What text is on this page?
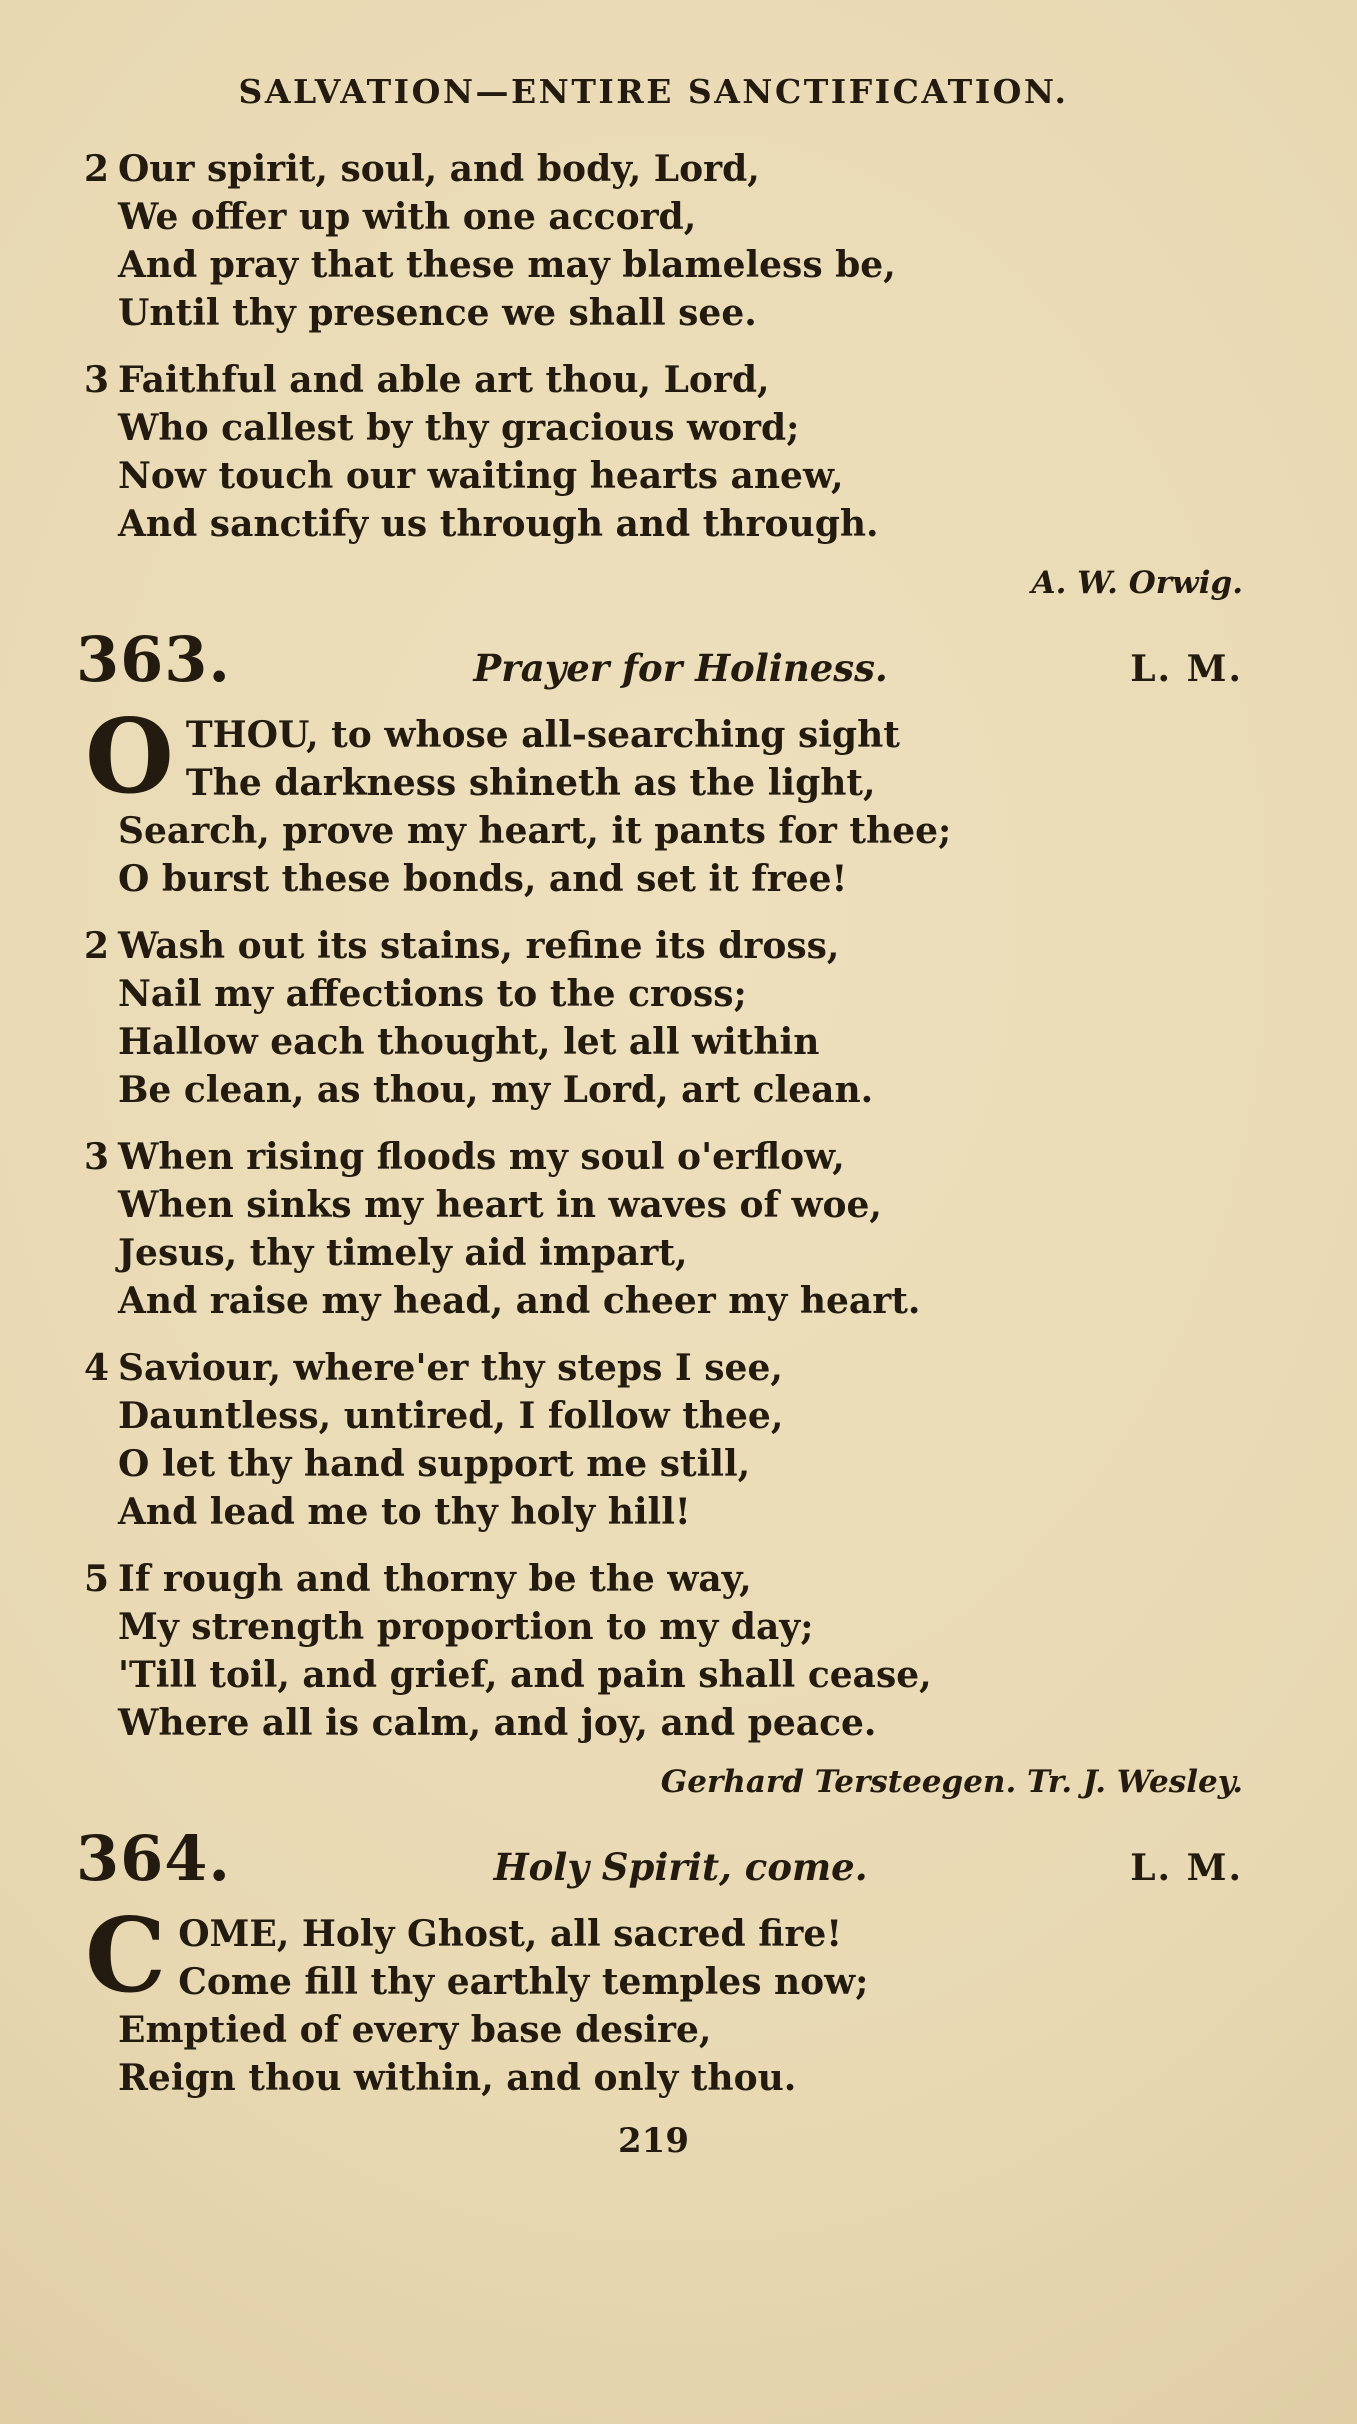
SALVATION—ENTIRE SANCTIFICATION.
2 Our spirit, soul, and body, Lord,
We offer up with one accord,
And pray that these may blameless be,
Until thy presence we shall see.
3 Faithful and able art thou, Lord,
Who callest by thy gracious word;
Now touch our waiting hearts anew,
And sanctify us through and through.
A. W. Orwig.
363.	Prayer for Holiness.	L. M.
O THOU, to whose all-searching sight
The darkness shineth as the light,
Search, prove my heart, it pants for thee;
O burst these bonds, and set it free!
2 Wash out its stains, refine its dross,
Nail my affections to the cross;
Hallow each thought, let all within
Be clean, as thou, my Lord, art clean.
3 When rising floods my soul o'erflow,
When sinks my heart in waves of woe,
Jesus, thy timely aid impart,
And raise my head, and cheer my heart.
4 Saviour, where'er thy steps I see,
Dauntless, untired, I follow thee,
O let thy hand support me still,
And lead me to thy holy hill!
5 If rough and thorny be the way,
My strength proportion to my day;
'Till toil, and grief, and pain shall cease,
Where all is calm, and joy, and peace.
Gerhard Tersteegen. Tr. J. Wesley.
364.	Holy Spirit, come.	L. M.
C OME, Holy Ghost, all sacred fire!
Come fill thy earthly temples now;
Emptied of every base desire,
Reign thou within, and only thou.
219
